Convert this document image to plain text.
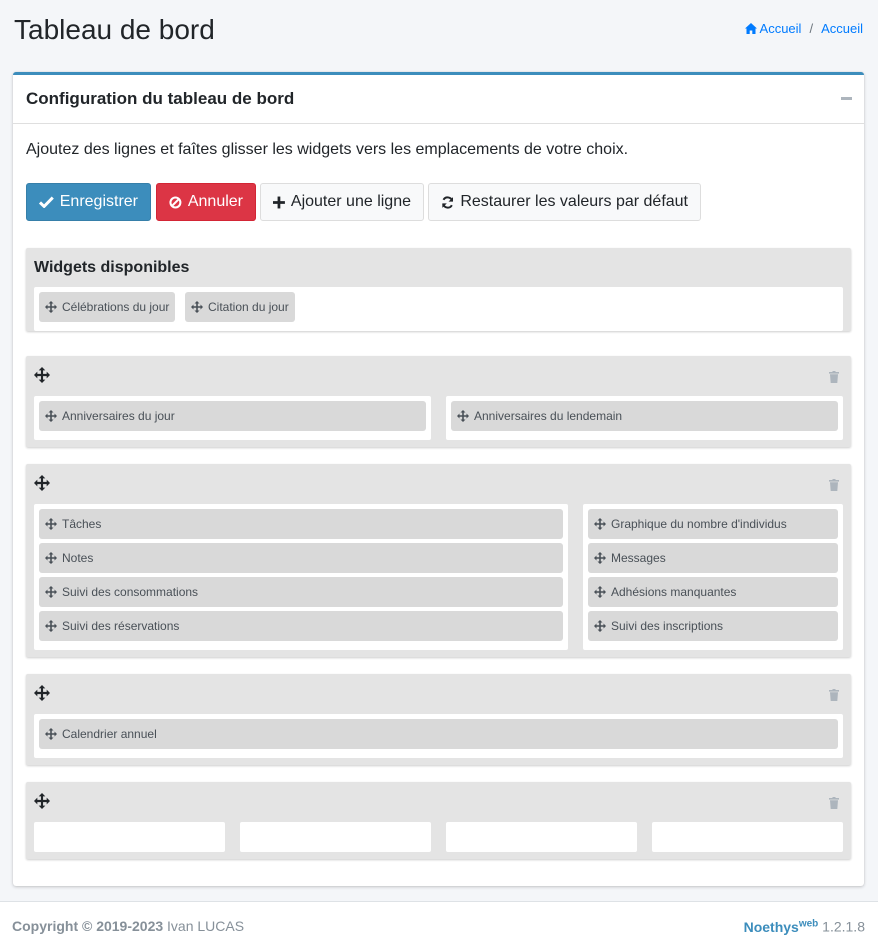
Tableau de bord	Accueil / Accueil
Configuration du tableau de bord

Ajoutez des lignes et faîtes glisser les widgets vers les emplacements de votre choix.

Enregistrer	Annuler	Ajouter une ligne	Restaurer les valeurs par défaut
Widgets disponibles
Célébrations du jour	Citation du jour
Anniversaires du jour	Anniversaires du lendemain
Tâches
Notes
Suivi des consommations
Suivi des réservations
Graphique du nombre d'individus
Messages
Adhésions manquantes
Suivi des inscriptions
Calendrier annuel
Copyright © 2019-2023 Ivan LUCAS	Noethys$^{web}$ 1.2.1.8
